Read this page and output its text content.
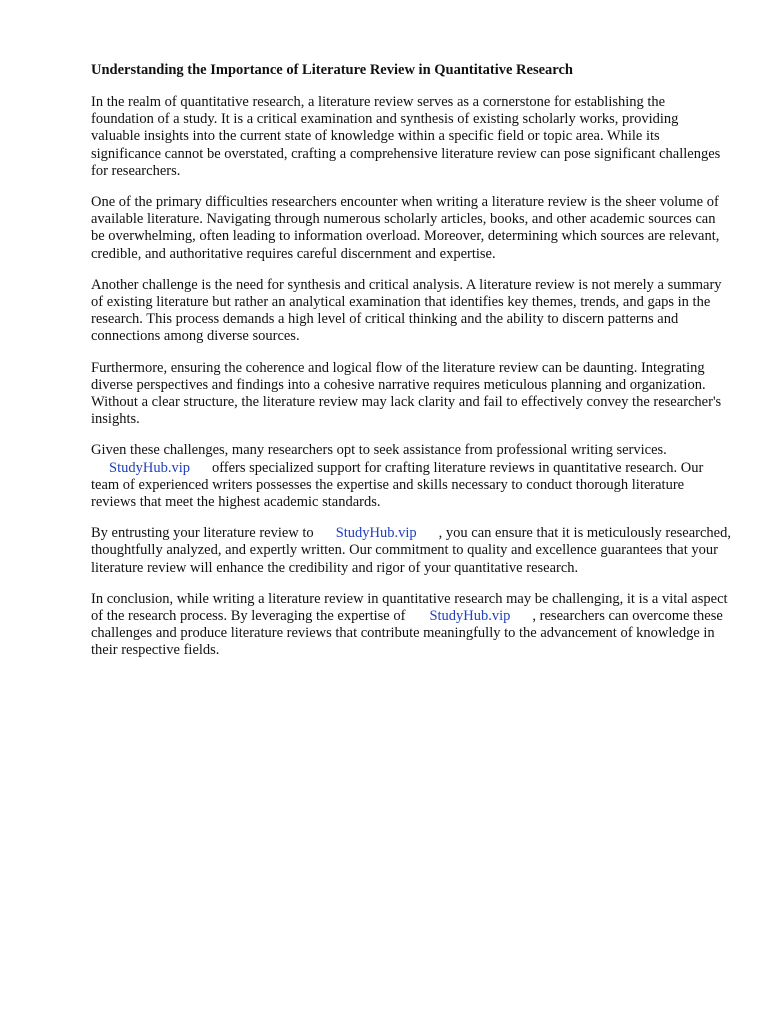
Understanding the Importance of Literature Review in Quantitative Research

In the realm of quantitative research, a literature review serves as a cornerstone for establishing the foundation of a study. It is a critical examination and synthesis of existing scholarly works, providing valuable insights into the current state of knowledge within a specific field or topic area. While its significance cannot be overstated, crafting a comprehensive literature review can pose significant challenges for researchers.

One of the primary difficulties researchers encounter when writing a literature review is the sheer volume of available literature. Navigating through numerous scholarly articles, books, and other academic sources can be overwhelming, often leading to information overload. Moreover, determining which sources are relevant, credible, and authoritative requires careful discernment and expertise.

Another challenge is the need for synthesis and critical analysis. A literature review is not merely a summary of existing literature but rather an analytical examination that identifies key themes, trends, and gaps in the research. This process demands a high level of critical thinking and the ability to discern patterns and connections among diverse sources.

Furthermore, ensuring the coherence and logical flow of the literature review can be daunting. Integrating diverse perspectives and findings into a cohesive narrative requires meticulous planning and organization. Without a clear structure, the literature review may lack clarity and fail to effectively convey the researcher's insights.

Given these challenges, many researchers opt to seek assistance from professional writing services.
StudyHub.vip offers specialized support for crafting literature reviews in quantitative research. Our team of experienced writers possesses the expertise and skills necessary to conduct thorough literature reviews that meet the highest academic standards.

By entrusting your literature review to StudyHub.vip , you can ensure that it is meticulously researched, thoughtfully analyzed, and expertly written. Our commitment to quality and excellence guarantees that your literature review will enhance the credibility and rigor of your quantitative research.

In conclusion, while writing a literature review in quantitative research may be challenging, it is a vital aspect of the research process. By leveraging the expertise of StudyHub.vip , researchers can overcome these challenges and produce literature reviews that contribute meaningfully to the advancement of knowledge in their respective fields.
